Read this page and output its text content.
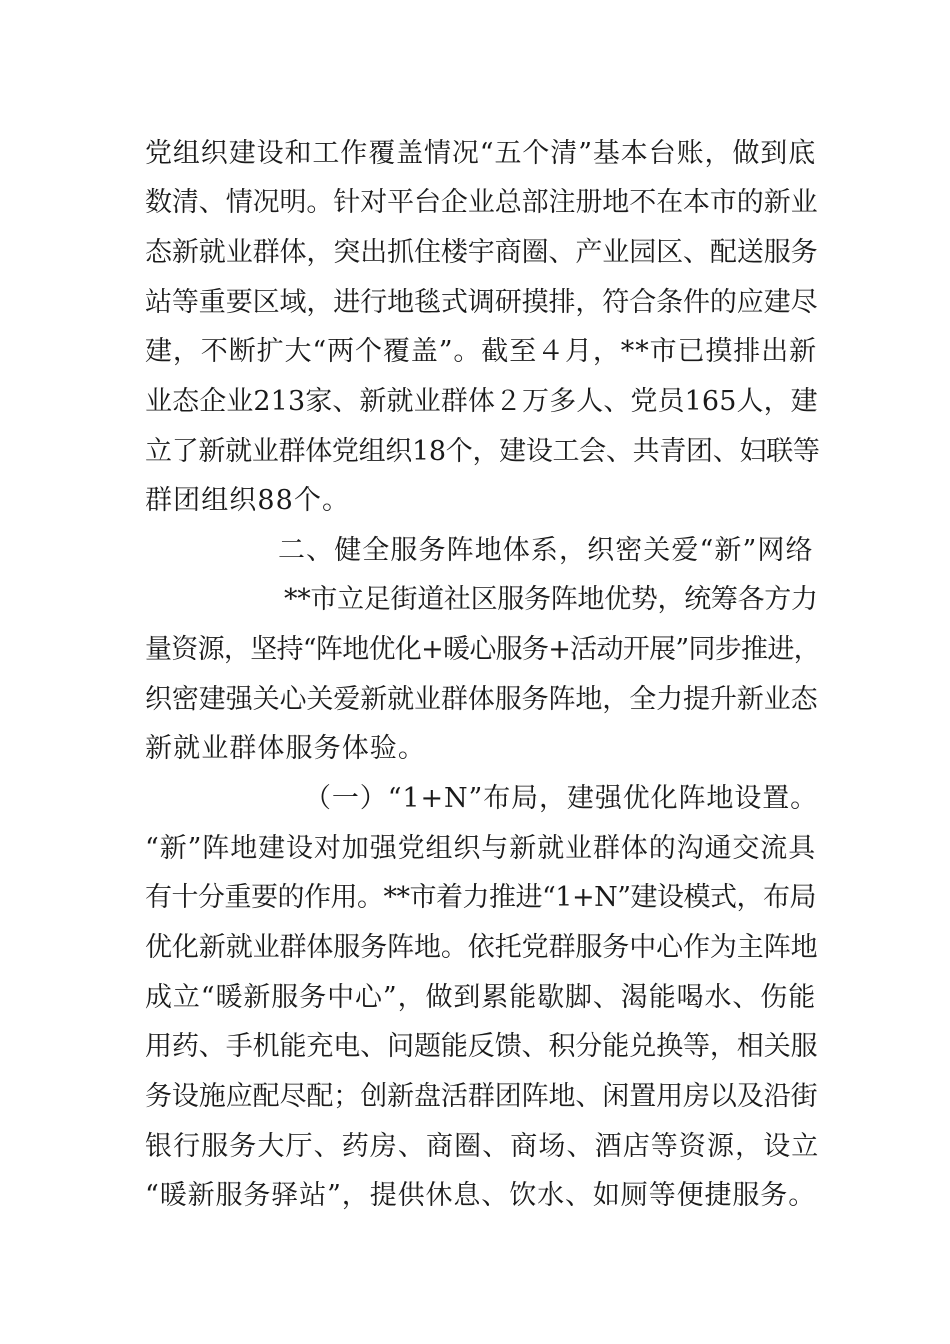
党组织建设和工作覆盖情况“五个清”基本台账，做到底
数清、情况明。针对平台企业总部注册地不在本市的新业
态新就业群体，突出抓住楼宇商圈、产业园区、配送服务
站等重要区域，进行地毯式调研摸排，符合条件的应建尽
建，不断扩大“两个覆盖”。截至４月，**市已摸排出新
业态企业213家、新就业群体２万多人、党员165人，建
立了新就业群体党组织18个，建设工会、共青团、妇联等
群团组织88个。
二、健全服务阵地体系，织密关爱“新”网络
**市立足街道社区服务阵地优势，统筹各方力
量资源，坚持“阵地优化+暖心服务+活动开展”同步推进，
织密建强关心关爱新就业群体服务阵地，全力提升新业态
新就业群体服务体验。
（一）“1+N”布局，建强优化阵地设置。
“新”阵地建设对加强党组织与新就业群体的沟通交流具
有十分重要的作用。**市着力推进“1+N”建设模式，布局
优化新就业群体服务阵地。依托党群服务中心作为主阵地
成立“暖新服务中心”，做到累能歇脚、渴能喝水、伤能
用药、手机能充电、问题能反馈、积分能兑换等，相关服
务设施应配尽配；创新盘活群团阵地、闲置用房以及沿街
银行服务大厅、药房、商圈、商场、酒店等资源，设立
“暖新服务驿站”，提供休息、饮水、如厕等便捷服务。
